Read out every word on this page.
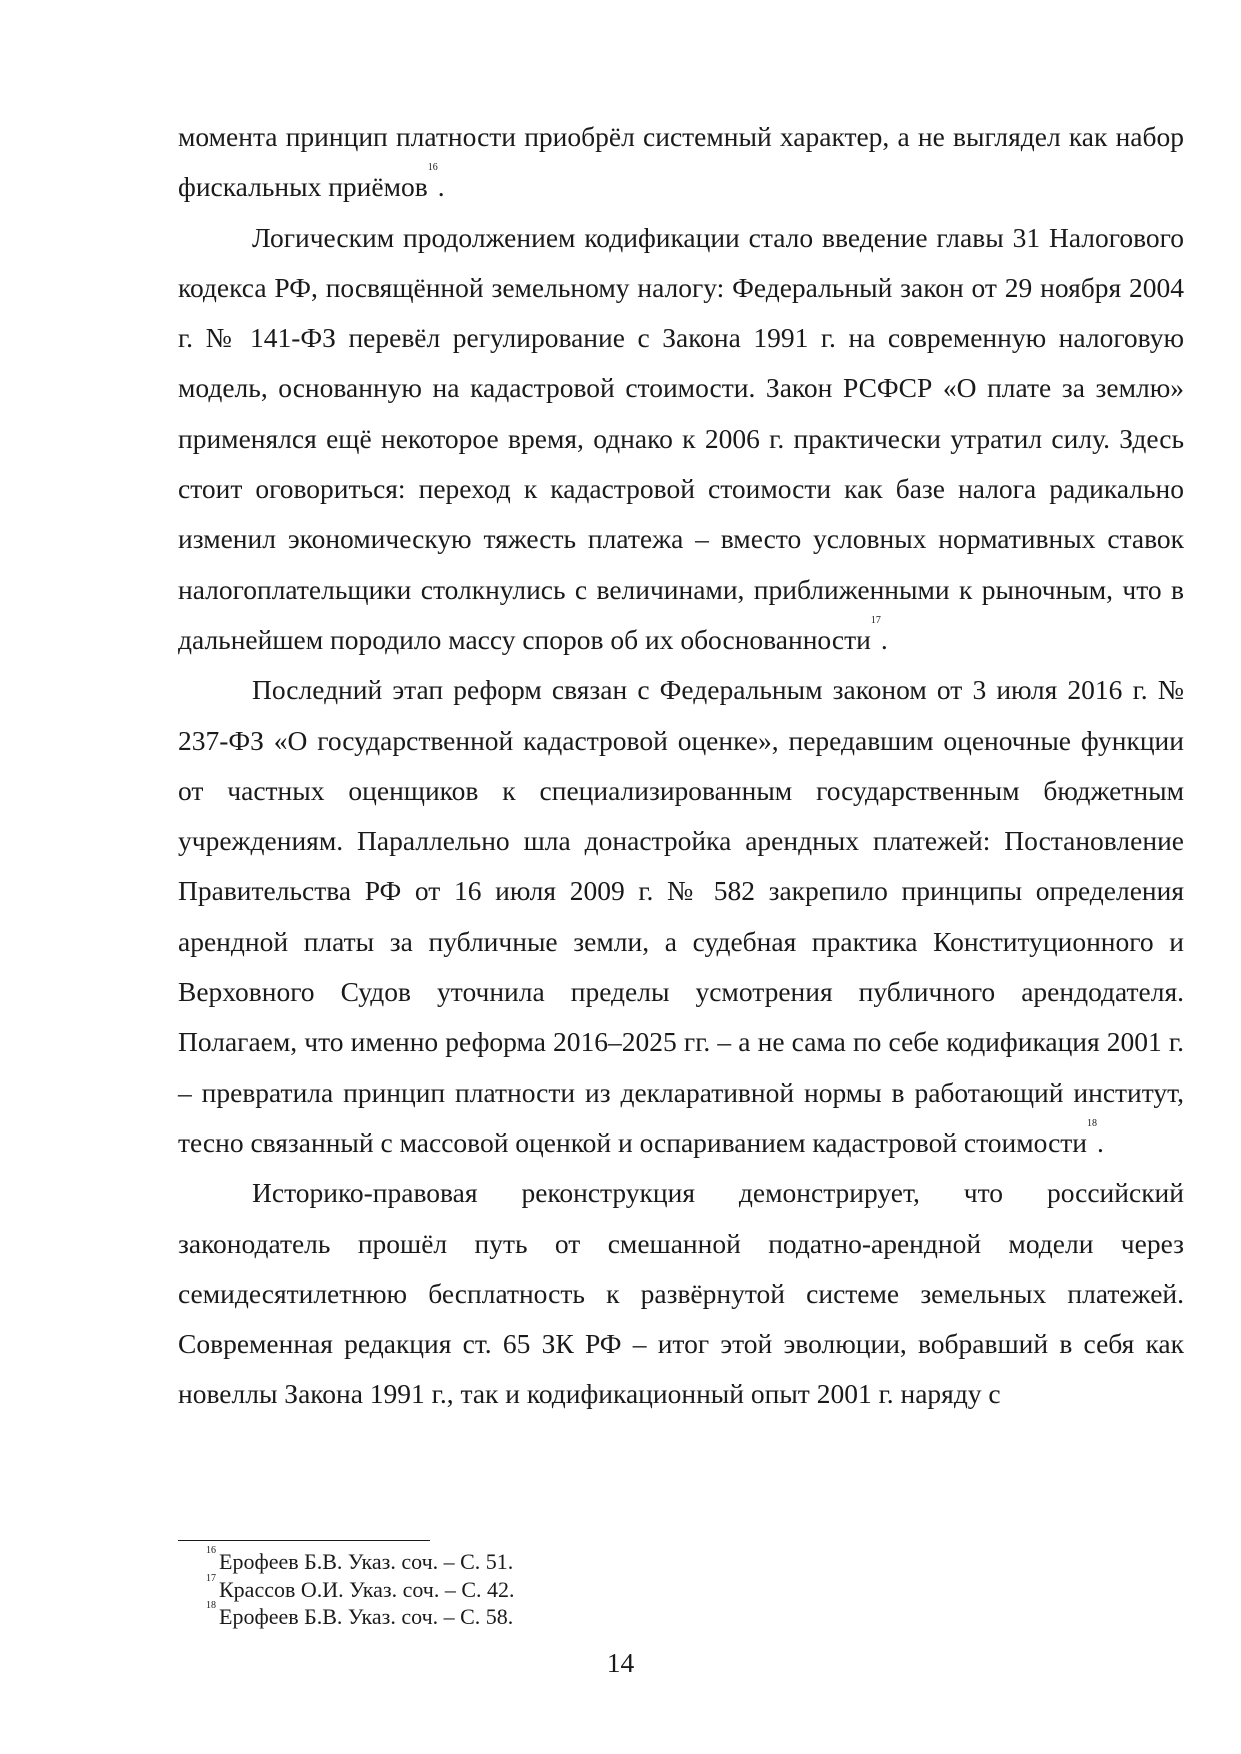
момента принцип платности приобрёл системный характер, а не выглядел как набор фискальных приёмов$^{16}$.

Логическим продолжением кодификации стало введение главы 31 Налогового кодекса РФ, посвящённой земельному налогу: Федеральный закон от 29 ноября 2004 г. № 141-ФЗ перевёл регулирование с Закона 1991 г. на современную налоговую модель, основанную на кадастровой стоимости. Закон РСФСР «О плате за землю» применялся ещё некоторое время, однако к 2006 г. практически утратил силу. Здесь стоит оговориться: переход к кадастровой стоимости как базе налога радикально изменил экономическую тяжесть платежа – вместо условных нормативных ставок налогоплательщики столкнулись с величинами, приближенными к рыночным, что в дальнейшем породило массу споров об их обоснованности$^{17}$.

Последний этап реформ связан с Федеральным законом от 3 июля 2016 г. № 237-ФЗ «О государственной кадастровой оценке», передавшим оценочные функции от частных оценщиков к специализированным государственным бюджетным учреждениям. Параллельно шла донастройка арендных платежей: Постановление Правительства РФ от 16 июля 2009 г. № 582 закрепило принципы определения арендной платы за публичные земли, а судебная практика Конституционного и Верховного Судов уточнила пределы усмотрения публичного арендодателя. Полагаем, что именно реформа 2016–2025 гг. – а не сама по себе кодификация 2001 г. – превратила принцип платности из декларативной нормы в работающий институт, тесно связанный с массовой оценкой и оспариванием кадастровой стоимости$^{18}$.

Историко-правовая реконструкция демонстрирует, что российский законодатель прошёл путь от смешанной податно-арендной модели через семидесятилетнюю бесплатность к развёрнутой системе земельных платежей. Современная редакция ст. 65 ЗК РФ – итог этой эволюции, вобравший в себя как новеллы Закона 1991 г., так и кодификационный опыт 2001 г. наряду с

$^{16}$ Ерофеев Б.В. Указ. соч. – С. 51.

$^{17}$ Крассов О.И. Указ. соч. – С. 42.

$^{18}$ Ерофеев Б.В. Указ. соч. – С. 58.

14
